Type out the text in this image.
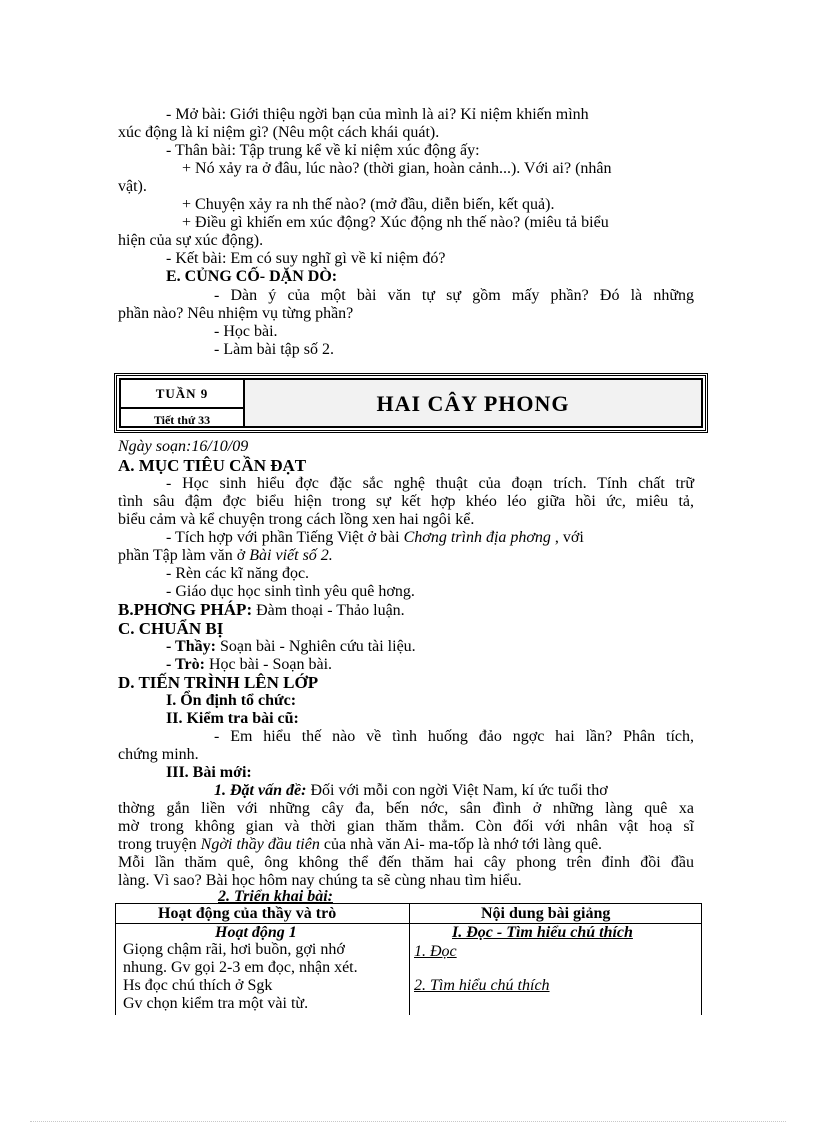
- Mở bài: Giới thiệu ngời bạn của mình là ai? Kỉ niệm khiến mình
xúc động là kỉ niệm gì? (Nêu một cách khái quát).
- Thân bài: Tập trung kể về kỉ niệm xúc động ấy:
+ Nó xảy ra ở đâu, lúc nào? (thời gian, hoàn cảnh...). Với ai? (nhân
vật).
+ Chuyện xảy ra nh thế nào? (mở đầu, diễn biến, kết quả).
+ Điều gì khiến em xúc động? Xúc động nh thế nào? (miêu tả biểu
hiện của sự xúc động).
- Kết bài: Em có suy nghĩ gì về kỉ niệm đó?
E. CỦNG CỐ- DẶN DÒ:
- Dàn ý của một bài văn tự sự gồm mấy phần? Đó là những
phần nào? Nêu nhiệm vụ từng phần?
- Học bài.
- Làm bài tập số 2.
TUẦN 9
Tiết thứ 33
HAI CÂY PHONG
Ngày soạn:16/10/09
A. MỤC TIÊU CẦN ĐẠT
- Học sinh hiểu đợc đặc sắc nghệ thuật của đoạn trích. Tính chất trữ
tình sâu đậm đợc biểu hiện trong sự kết hợp khéo léo giữa hồi ức, miêu tả,
biểu cảm và kể chuyện trong cách lồng xen hai ngôi kể.
- Tích hợp với phần Tiếng Việt ở bài Chơng trình địa phơng , với
phần Tập làm văn ở Bài viết số 2.
- Rèn các kĩ năng đọc.
- Giáo dục học sinh tình yêu quê hơng.
B.PHƠNG PHÁP: Đàm thoại - Thảo luận.
C. CHUẨN BỊ
- Thầy: Soạn bài - Nghiên cứu tài liệu.
- Trò: Học bài - Soạn bài.
D. TIẾN TRÌNH LÊN LỚP
I. Ổn định tổ chức:
II. Kiểm tra bài cũ:
- Em hiểu thế nào về tình huống đảo ngợc hai lần? Phân tích,
chứng minh.
III. Bài mới:
1. Đặt vấn đề: Đối với mỗi con ngời Việt Nam, kí ức tuổi thơ
thờng gắn liền với những cây đa, bến nớc, sân đình ở những làng quê xa
mờ trong không gian và thời gian thăm thẳm. Còn đối với nhân vật hoạ sĩ
trong truyện Ngời thầy đầu tiên của nhà văn Ai- ma-tốp là nhớ tới làng quê.
Mỗi lần thăm quê, ông không thể đến thăm hai cây phong trên đỉnh đồi đầu
làng. Vì sao? Bài học hôm nay chúng ta sẽ cùng nhau tìm hiểu.
2. Triển khai bài:
Hoạt động của thầy và trò	Nội dung bài giảng
Hoạt động 1
Giọng chậm rãi, hơi buồn, gợi nhớ
nhung. Gv gọi 2-3 em đọc, nhận xét.
Hs đọc chú thích ở Sgk
Gv chọn kiểm tra một vài từ.
I. Đọc - Tìm hiểu chú thích
1. Đọc
2. Tìm hiểu chú thích
